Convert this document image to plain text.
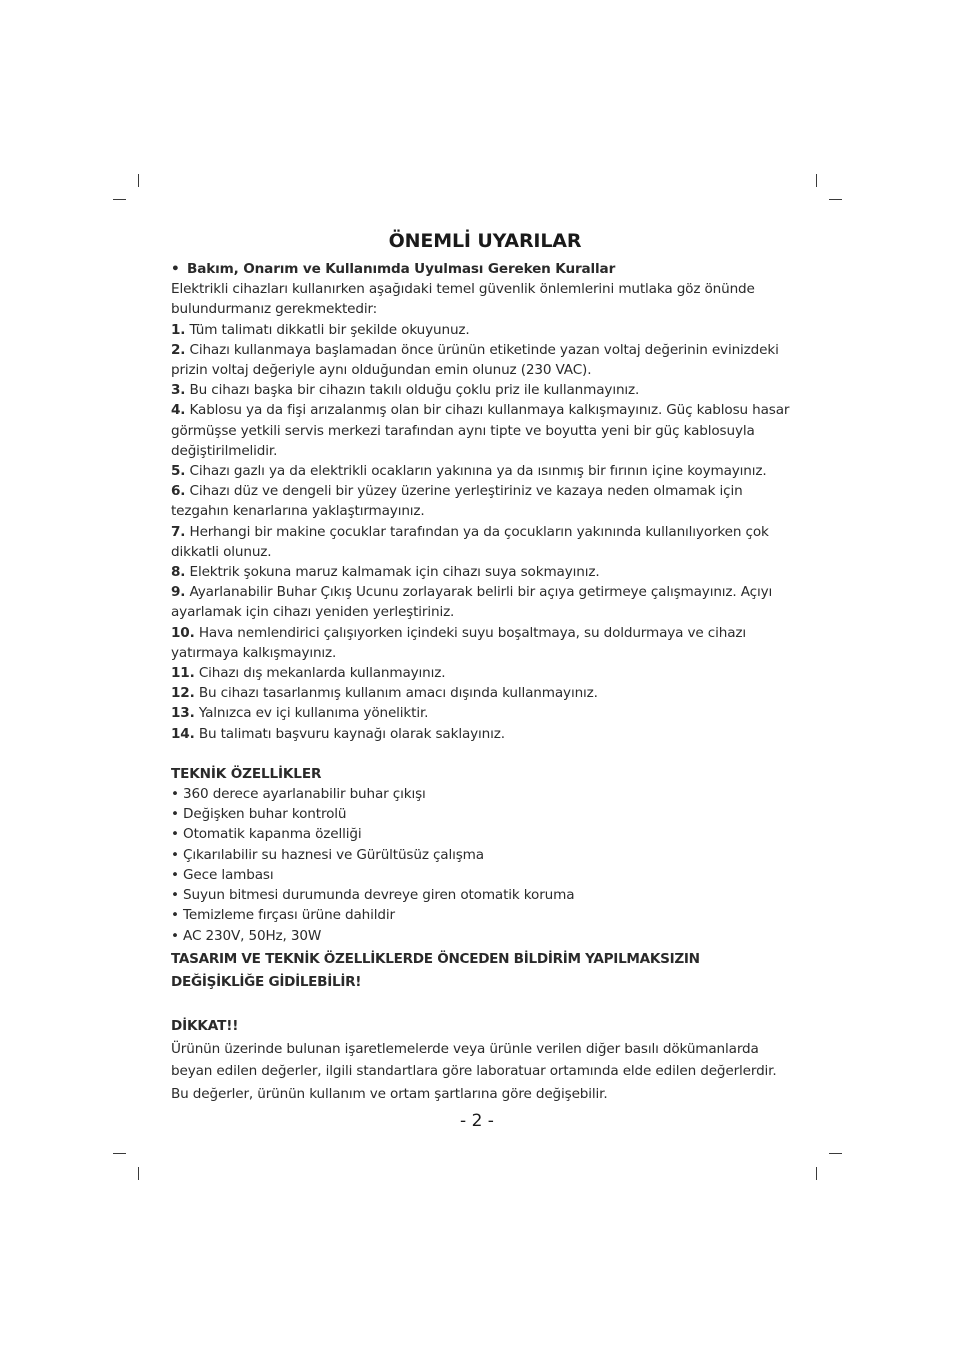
ÖNEMLİ UYARILAR

• Bakım, Onarım ve Kullanımda Uyulması Gereken Kurallar

Elektrikli cihazları kullanırken aşağıdaki temel güvenlik önlemlerini mutlaka göz önünde bulundurmanız gerekmektedir:

1. Tüm talimatı dikkatli bir şekilde okuyunuz.

2. Cihazı kullanmaya başlamadan önce ürünün etiketinde yazan voltaj değerinin evinizdeki prizin voltaj değeriyle aynı olduğundan emin olunuz (230 VAC).

3. Bu cihazı başka bir cihazın takılı olduğu çoklu priz ile kullanmayınız.

4. Kablosu ya da fişi arızalanmış olan bir cihazı kullanmaya kalkışmayınız. Güç kablosu hasar görmüşse yetkili servis merkezi tarafından aynı tipte ve boyutta yeni bir güç kablosuyla değiştirilmelidir.

5. Cihazı gazlı ya da elektrikli ocakların yakınına ya da ısınmış bir fırının içine koymayınız.

6. Cihazı düz ve dengeli bir yüzey üzerine yerleştiriniz ve kazaya neden olmamak için tezgahın kenarlarına yaklaştırmayınız.

7. Herhangi bir makine çocuklar tarafından ya da çocukların yakınında kullanılıyorken çok dikkatli olunuz.

8. Elektrik şokuna maruz kalmamak için cihazı suya sokmayınız.

9. Ayarlanabilir Buhar Çıkış Ucunu zorlayarak belirli bir açıya getirmeye çalışmayınız. Açıyı ayarlamak için cihazı yeniden yerleştiriniz.

10. Hava nemlendirici çalışıyorken içindeki suyu boşaltmaya, su doldurmaya ve cihazı yatırmaya kalkışmayınız.

11. Cihazı dış mekanlarda kullanmayınız.

12. Bu cihazı tasarlanmış kullanım amacı dışında kullanmayınız.

13. Yalnızca ev içi kullanıma yöneliktir.

14. Bu talimatı başvuru kaynağı olarak saklayınız.

TEKNİK ÖZELLİKLER

• 360 derece ayarlanabilir buhar çıkışı

• Değişken buhar kontrolü

• Otomatik kapanma özelliği

• Çıkarılabilir su haznesi ve Gürültüsüz çalışma

• Gece lambası

• Suyun bitmesi durumunda devreye giren otomatik koruma

• Temizleme fırçası ürüne dahildir

• AC 230V, 50Hz, 30W

TASARIM VE TEKNİK ÖZELLİKLERDE ÖNCEDEN BİLDİRİM YAPILMAKSIZIN DEĞİŞİKLİĞE GİDİLEBİLİR!

DİKKAT!!

Ürünün üzerinde bulunan işaretlemelerde veya ürünle verilen diğer basılı dökümanlarda beyan edilen değerler, ilgili standartlara göre laboratuar ortamında elde edilen değerlerdir. Bu değerler, ürünün kullanım ve ortam şartlarına göre değişebilir.

- 2 -
